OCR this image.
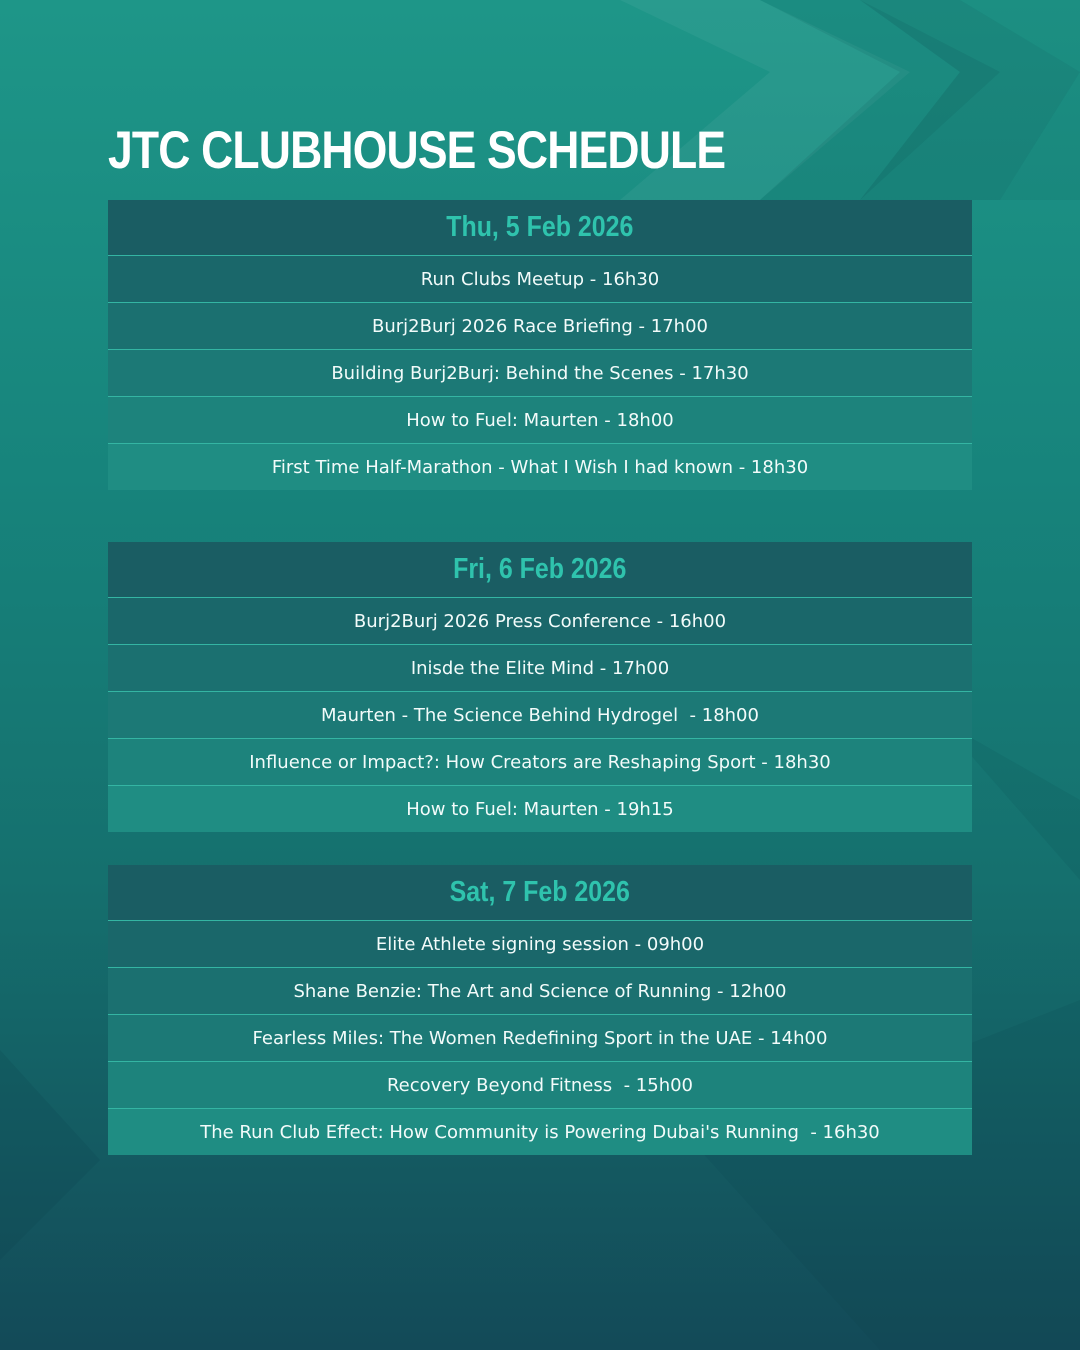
JTC CLUBHOUSE SCHEDULE
Thu, 5 Feb 2026
Run Clubs Meetup - 16h30
Burj2Burj 2026 Race Briefing - 17h00
Building Burj2Burj: Behind the Scenes - 17h30
How to Fuel: Maurten - 18h00
First Time Half-Marathon - What I Wish I had known - 18h30
Fri, 6 Feb 2026
Burj2Burj 2026 Press Conference - 16h00
Inisde the Elite Mind - 17h00
Maurten - The Science Behind Hydrogel  - 18h00
Influence or Impact?: How Creators are Reshaping Sport - 18h30
How to Fuel: Maurten - 19h15
Sat, 7 Feb 2026
Elite Athlete signing session - 09h00
Shane Benzie: The Art and Science of Running - 12h00
Fearless Miles: The Women Redefining Sport in the UAE - 14h00
Recovery Beyond Fitness  - 15h00
The Run Club Effect: How Community is Powering Dubai's Running  - 16h30
